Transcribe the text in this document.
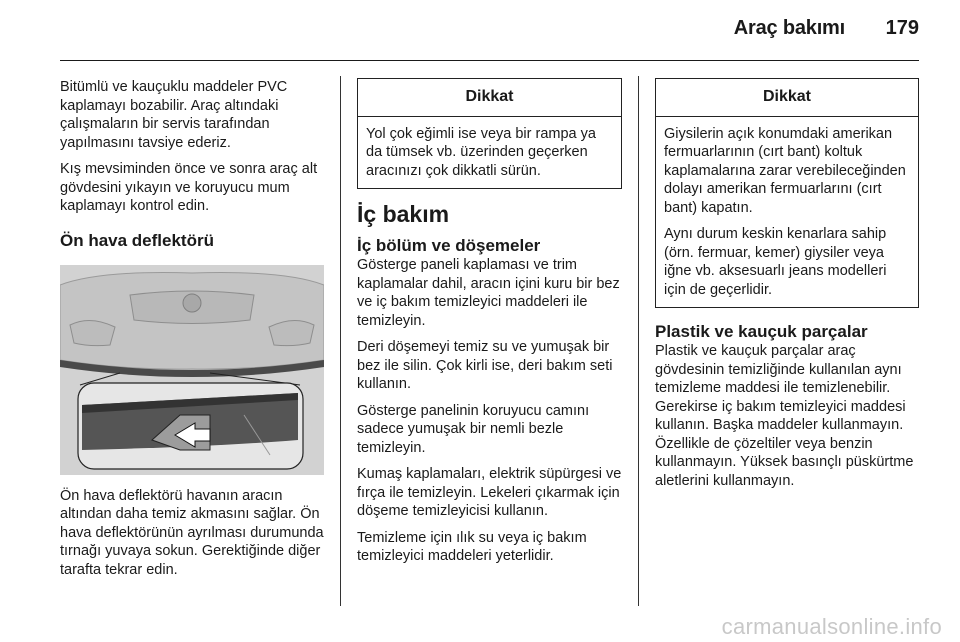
Araç bakımı 179

Bitümlü ve kauçuklu maddeler PVC kaplamayı bozabilir. Araç altındaki çalışmaların bir servis tarafından yapılmasını tavsiye ederiz.

Kış mevsiminden önce ve sonra araç alt gövdesini yıkayın ve koruyucu mum kaplamayı kontrol edin.

Ön hava deflektörü

Ön hava deflektörü havanın aracın altından daha temiz akmasını sağlar. Ön hava deflektörünün ayrılması durumunda tırnağı yuvaya sokun. Gerektiğinde diğer tarafta tekrar edin.

Dikkat

Yol çok eğimli ise veya bir rampa ya da tümsek vb. üzerinden geçerken aracınızı çok dikkatli sürün.

İç bakım
İç bölüm ve döşemeler

Gösterge paneli kaplaması ve trim kaplamalar dahil, aracın içini kuru bir bez ve iç bakım temizleyici maddeleri ile temizleyin.

Deri döşemeyi temiz su ve yumuşak bir bez ile silin. Çok kirli ise, deri bakım seti kullanın.

Gösterge panelinin koruyucu camını sadece yumuşak bir nemli bezle temizleyin.

Kumaş kaplamaları, elektrik süpürgesi ve fırça ile temizleyin. Lekeleri çıkarmak için döşeme temizleyicisi kullanın.

Temizleme için ılık su veya iç bakım temizleyici maddeleri yeterlidir.

Dikkat

Giysilerin açık konumdaki amerikan fermuarlarının (cırt bant) koltuk kaplamalarına zarar verebileceğinden dolayı amerikan fermuarlarını (cırt bant) kapatın.

Aynı durum keskin kenarlara sahip (örn. fermuar, kemer) giysiler veya iğne vb. aksesuarlı jeans modelleri için de geçerlidir.

Plastik ve kauçuk parçalar

Plastik ve kauçuk parçalar araç gövdesinin temizliğinde kullanılan aynı temizleme maddesi ile temizlenebilir. Gerekirse iç bakım temizleyici maddesi kullanın. Başka maddeler kullanmayın. Özellikle de çözeltiler veya benzin kullanmayın. Yüksek basınçlı püskürtme aletlerini kullanmayın.

carmanualsonline.info
